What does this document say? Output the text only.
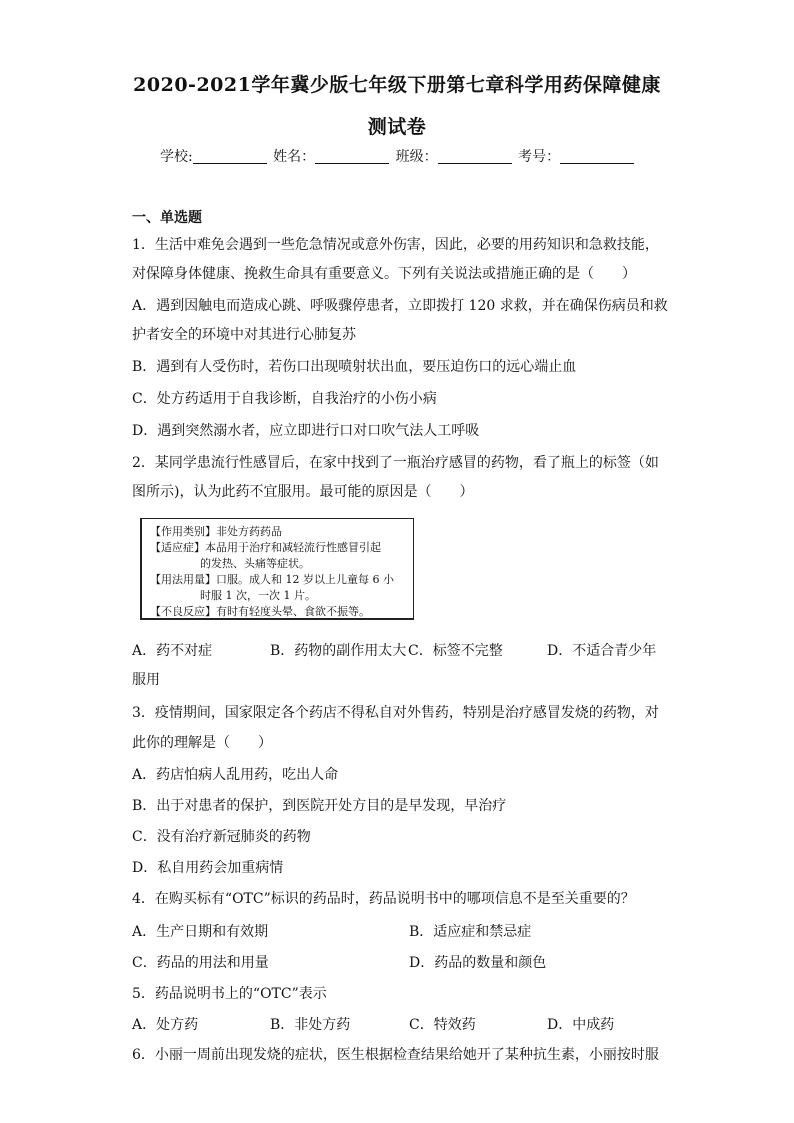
2020-2021学年冀少版七年级下册第七章科学用药保障健康
测试卷
学校:	姓名：	班级：	考号：
一、单选题
1．生活中难免会遇到一些危急情况或意外伤害，因此，必要的用药知识和急救技能，
对保障身体健康、挽救生命具有重要意义。下列有关说法或措施正确的是（　　）
A．遇到因触电而造成心跳、呼吸骤停患者，立即拨打 120 求救，并在确保伤病员和救
护者安全的环境中对其进行心肺复苏
B．遇到有人受伤时，若伤口出现喷射状出血，要压迫伤口的远心端止血
C．处方药适用于自我诊断，自我治疗的小伤小病
D．遇到突然溺水者，应立即进行口对口吹气法人工呼吸
2．某同学患流行性感冒后，在家中找到了一瓶治疗感冒的药物，看了瓶上的标签（如
图所示)，认为此药不宜服用。最可能的原因是（　　）
【作用类别】非处方药药品
【适应症】本品用于治疗和减轻流行性感冒引起
的发热、头痛等症状。
【用法用量】口服。成人和 12 岁以上儿童每 6 小
时服 1 次，一次 1 片。
【不良反应】有时有轻度头晕、食欲不振等。
A．药不对症	B．药物的副作用太大 C．标签不完整	D．不适合青少年
服用
3．疫情期间，国家限定各个药店不得私自对外售药，特别是治疗感冒发烧的药物，对
此你的理解是（　　）
A．药店怕病人乱用药，吃出人命
B．出于对患者的保护，到医院开处方目的是早发现，早治疗
C．没有治疗新冠肺炎的药物
D．私自用药会加重病情
4．在购买标有“OTC”标识的药品时，药品说明书中的哪项信息不是至关重要的？
A．生产日期和有效期	B．适应症和禁忌症
C．药品的用法和用量	D．药品的数量和颜色
5．药品说明书上的“OTC”表示
A．处方药	B．非处方药	C．特效药	D．中成药
6．小丽一周前出现发烧的症状，医生根据检查结果给她开了某种抗生素，小丽按时服
